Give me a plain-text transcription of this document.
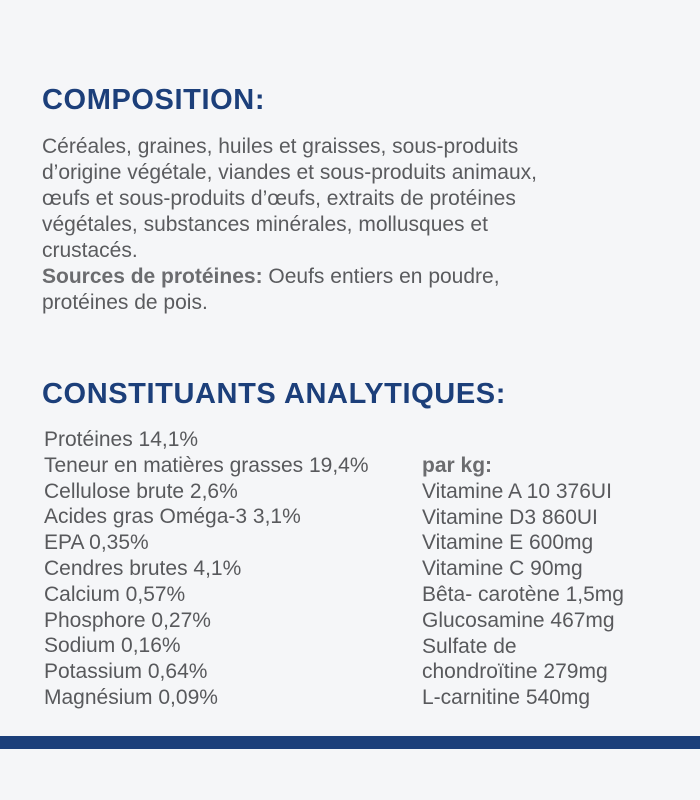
COMPOSITION:

Céréales, graines, huiles et graisses, sous-produits

d’origine végétale, viandes et sous-produits animaux,

œufs et sous-produits d’œufs, extraits de protéines

végétales, substances minérales, mollusques et

crustacés.

Sources de protéines: Oeufs entiers en poudre,

protéines de pois.

CONSTITUANTS ANALYTIQUES:
Protéines 14,1%
Teneur en matières grasses 19,4%
Cellulose brute 2,6%
Acides gras Oméga-3 3,1%
EPA 0,35%
Cendres brutes 4,1%
Calcium 0,57%
Phosphore 0,27%
Sodium 0,16%
Potassium 0,64%
Magnésium 0,09%
par kg:
Vitamine A 10 376UI
Vitamine D3 860UI
Vitamine E 600mg
Vitamine C 90mg
Bêta- carotène 1,5mg
Glucosamine 467mg
Sulfate de
chondroïtine 279mg
L-carnitine 540mg
